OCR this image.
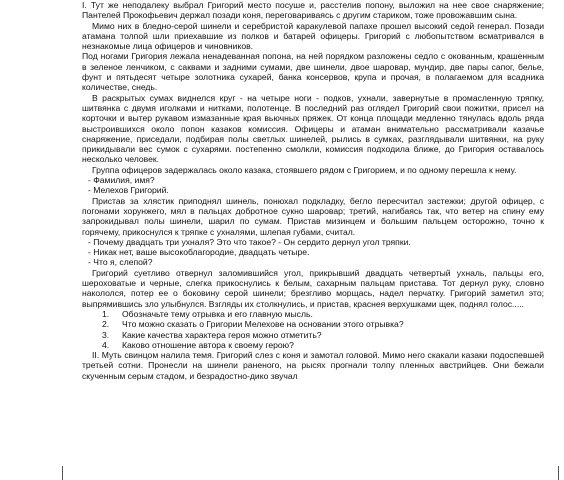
I. Тут же неподалеку выбрал Григорий место посуше и, расстелив попону, выложил на нее свое снаряжение; Пантелей Прокофьевич держал позади коня, переговариваясь с другим стариком, тоже провожавшим сына.

Мимо них в бледно-серой шинели и серебристой каракулевой папахе прошел высокий седой генерал. Позади атамана толпой шли приехавшие из полков и батарей офицеры. Григорий с любопытством всматривался в незнакомые лица офицеров и чиновников.

Под ногами Григория лежала ненадеванная попона, на ней порядком разложены седло с окованным, крашенным в зеленое ленчиком, с саквами и задними сумами, две шинели, двое шаровар, мундир, две пары сапог, белье, фунт и пятьдесят четыре золотника сухарей, банка консервов, крупа и прочая, в полагаемом для всадника количестве, снедь.

В раскрытых сумах виднелся круг - на четыре ноги - подков, ухнали, завернутые в промасленную тряпку, шитвянка с двумя иголками и нитками, полотенце. В последний раз оглядел Григорий свои пожитки, присел на корточки и вытер рукавом измазанные края вьючных пряжек. От конца площади медленно тянулась вдоль ряда выстроившихся около попон казаков комиссия. Офицеры и атаман внимательно рассматривали казачье снаряжение, приседали, подбирая полы светлых шинелей, рылись в сумках, разглядывали шитвянки, на руку прикидывали вес сумок с сухарями. постепенно смолкли, комиссия подходила ближе, до Григория оставалось несколько человек.

Группа офицеров задержалась около казака, стоявшего рядом с Григорием, и по одному перешла к нему.

- Фамилия, имя?

- Мелехов Григорий.

Пристав за хлястик приподнял шинель, понюхал подкладку, бегло пересчитал застежки; другой офицер, с погонами хорунжего, мял в пальцах добротное сукно шаровар; третий, нагибаясь так, что ветер на спину ему запрокидывал полы шинели, шарил по сумам. Пристав мизинцем и большим пальцем осторожно, точно к горячему, прикоснулся к тряпке с ухналями, шлепая губами, считал.

- Почему двадцать три ухналя? Это что такое? - Он сердито дернул угол тряпки.

- Никак нет, ваше высокоблагородие, двадцать четыре.

- Что я, слепой?

Григорий суетливо отвернул заломившийся угол, прикрывший двадцать четвертый ухналь, пальцы его, шероховатые и черные, слегка прикоснулись к белым, сахарным пальцам пристава. Тот дернул руку, словно накололся, потер ее о боковину серой шинели; брезгливо морщась, надел перчатку. Григорий заметил это; выпрямившись зло улыбнулся. Взгляды их столкнулись, и пристав, краснея верхушками щек, поднял голос.....

1. Обозначьте тему отрывка и его главную мысль.
2. Что можно сказать о Григории Мелехове на основании этого отрывка?
3. Какие качества характера героя можно отметить?
4. Каково отношение автора к своему герою?

II. Муть свинцом налила темя. Григорий слез с коня и замотал головой. Мимо него скакали казаки подоспевшей третьей сотни. Пронесли на шинели раненого, на рысях прогнали толпу пленных австрийцев. Они бежали скученным серым стадом, и безрадостно-дико звучал
